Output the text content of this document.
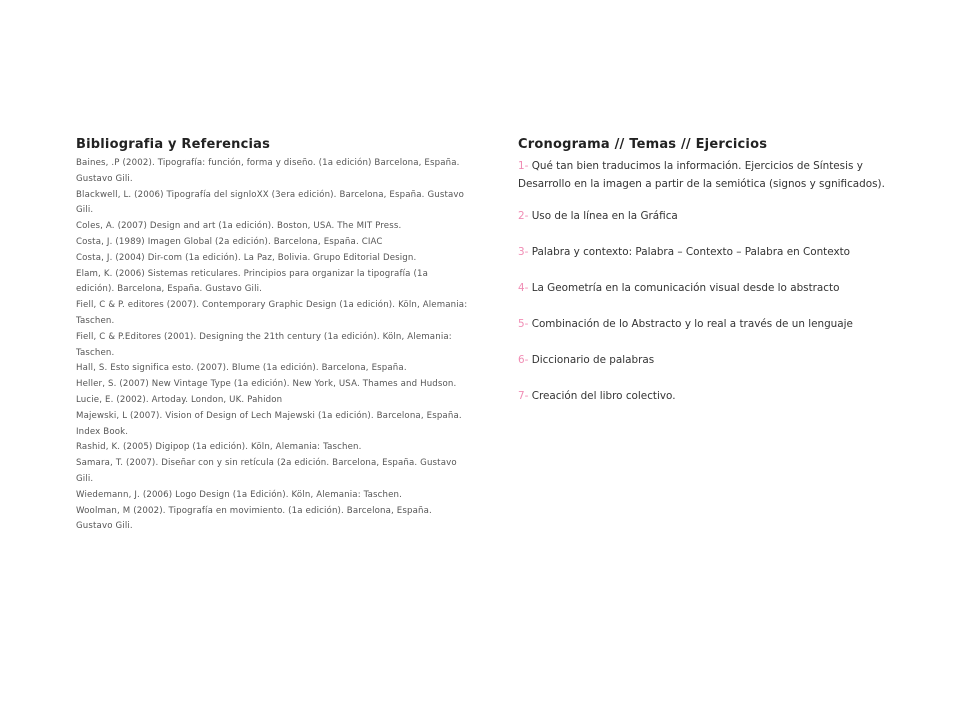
Bibliografia y Referencias
Baines, .P (2002). Tipografía: función, forma y diseño. (1a edición) Barcelona, España. Gustavo Gili.
Blackwell, L. (2006) Tipografía del signloXX (3era edición). Barcelona, España. Gustavo Gili.
Coles, A. (2007) Design and art (1a edición). Boston, USA. The MIT Press.
Costa, J. (1989) Imagen Global (2a edición). Barcelona, España. CIAC
Costa, J. (2004) Dir-com (1a edición). La Paz, Bolivia. Grupo Editorial Design.
Elam, K. (2006) Sistemas reticulares. Principios para organizar la tipografía (1a edición). Barcelona, España. Gustavo Gili.
Fiell, C & P. editores (2007). Contemporary Graphic Design (1a edición). Köln, Alemania: Taschen.
Fiell, C & P.Editores (2001). Designing the 21th century (1a edición). Köln, Alemania: Taschen.
Hall, S. Esto significa esto. (2007). Blume (1a edición). Barcelona, España.
Heller, S. (2007) New Vintage Type (1a edición). New York, USA. Thames and Hudson.
Lucie, E. (2002). Artoday. London, UK. Pahidon
Majewski, L (2007). Vision of Design of Lech Majewski (1a edición). Barcelona, España. Index Book.
Rashid, K. (2005) Digipop (1a edición). Köln, Alemania: Taschen.
Samara, T. (2007). Diseñar con y sin retícula (2a edición. Barcelona, España. Gustavo Gili.
Wiedemann, J. (2006) Logo Design (1a Edición). Köln, Alemania: Taschen.
Woolman, M (2002). Tipografía en movimiento. (1a edición). Barcelona, España. Gustavo Gili.
Cronograma // Temas // Ejercicios
1- Qué tan bien traducimos la información. Ejercicios de Síntesis y Desarrollo en la imagen a partir de la semiótica (signos y sgnificados).
2- Uso de la línea en la Gráfica
3- Palabra y contexto: Palabra – Contexto – Palabra en Contexto
4- La Geometría en la comunicación visual desde lo abstracto
5- Combinación de lo Abstracto y lo real a través de un lenguaje
6- Diccionario de palabras
7- Creación del libro colectivo.
